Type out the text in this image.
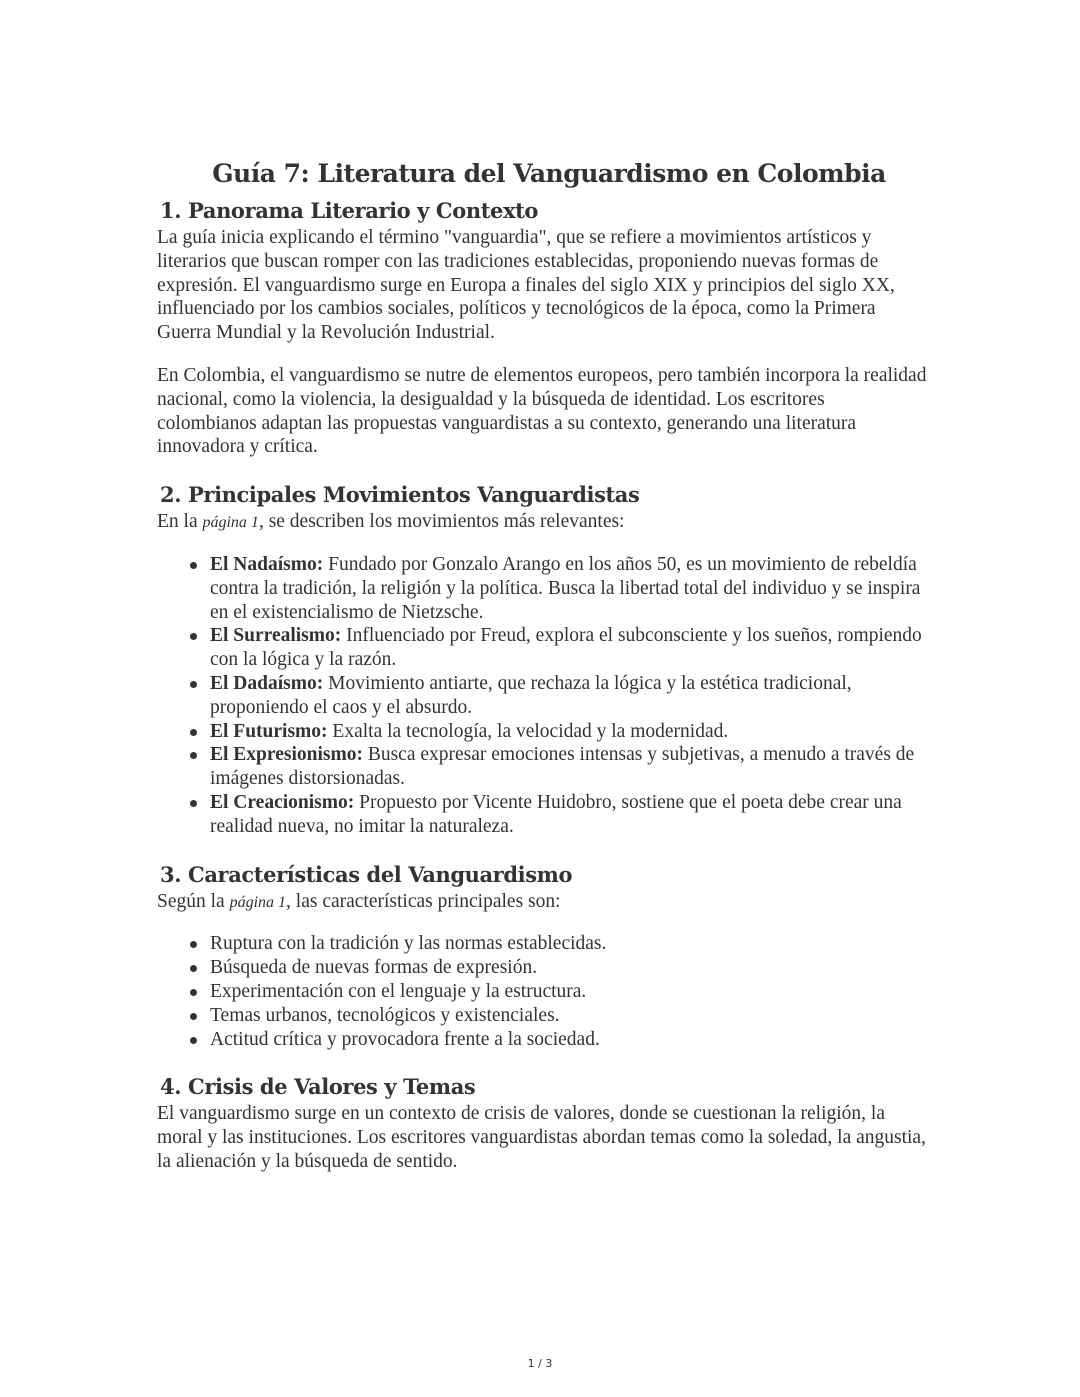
Guía 7: Literatura del Vanguardismo en Colombia
1. Panorama Literario y Contexto

La guía inicia explicando el término "vanguardia", que se refiere a movimientos artísticos y literarios que buscan romper con las tradiciones establecidas, proponiendo nuevas formas de expresión. El vanguardismo surge en Europa a finales del siglo XIX y principios del siglo XX, influenciado por los cambios sociales, políticos y tecnológicos de la época, como la Primera Guerra Mundial y la Revolución Industrial.

En Colombia, el vanguardismo se nutre de elementos europeos, pero también incorpora la realidad nacional, como la violencia, la desigualdad y la búsqueda de identidad. Los escritores colombianos adaptan las propuestas vanguardistas a su contexto, generando una literatura innovadora y crítica.

2. Principales Movimientos Vanguardistas

En la página 1, se describen los movimientos más relevantes:

El Nadaísmo: Fundado por Gonzalo Arango en los años 50, es un movimiento de rebeldía contra la tradición, la religión y la política. Busca la libertad total del individuo y se inspira en el existencialismo de Nietzsche.
El Surrealismo: Influenciado por Freud, explora el subconsciente y los sueños, rompiendo con la lógica y la razón.
El Dadaísmo: Movimiento antiarte, que rechaza la lógica y la estética tradicional, proponiendo el caos y el absurdo.
El Futurismo: Exalta la tecnología, la velocidad y la modernidad.
El Expresionismo: Busca expresar emociones intensas y subjetivas, a menudo a través de imágenes distorsionadas.
El Creacionismo: Propuesto por Vicente Huidobro, sostiene que el poeta debe crear una realidad nueva, no imitar la naturaleza.
3. Características del Vanguardismo

Según la página 1, las características principales son:

Ruptura con la tradición y las normas establecidas.
Búsqueda de nuevas formas de expresión.
Experimentación con el lenguaje y la estructura.
Temas urbanos, tecnológicos y existenciales.
Actitud crítica y provocadora frente a la sociedad.
4. Crisis de Valores y Temas

El vanguardismo surge en un contexto de crisis de valores, donde se cuestionan la religión, la moral y las instituciones. Los escritores vanguardistas abordan temas como la soledad, la angustia, la alienación y la búsqueda de sentido.

1 / 3
